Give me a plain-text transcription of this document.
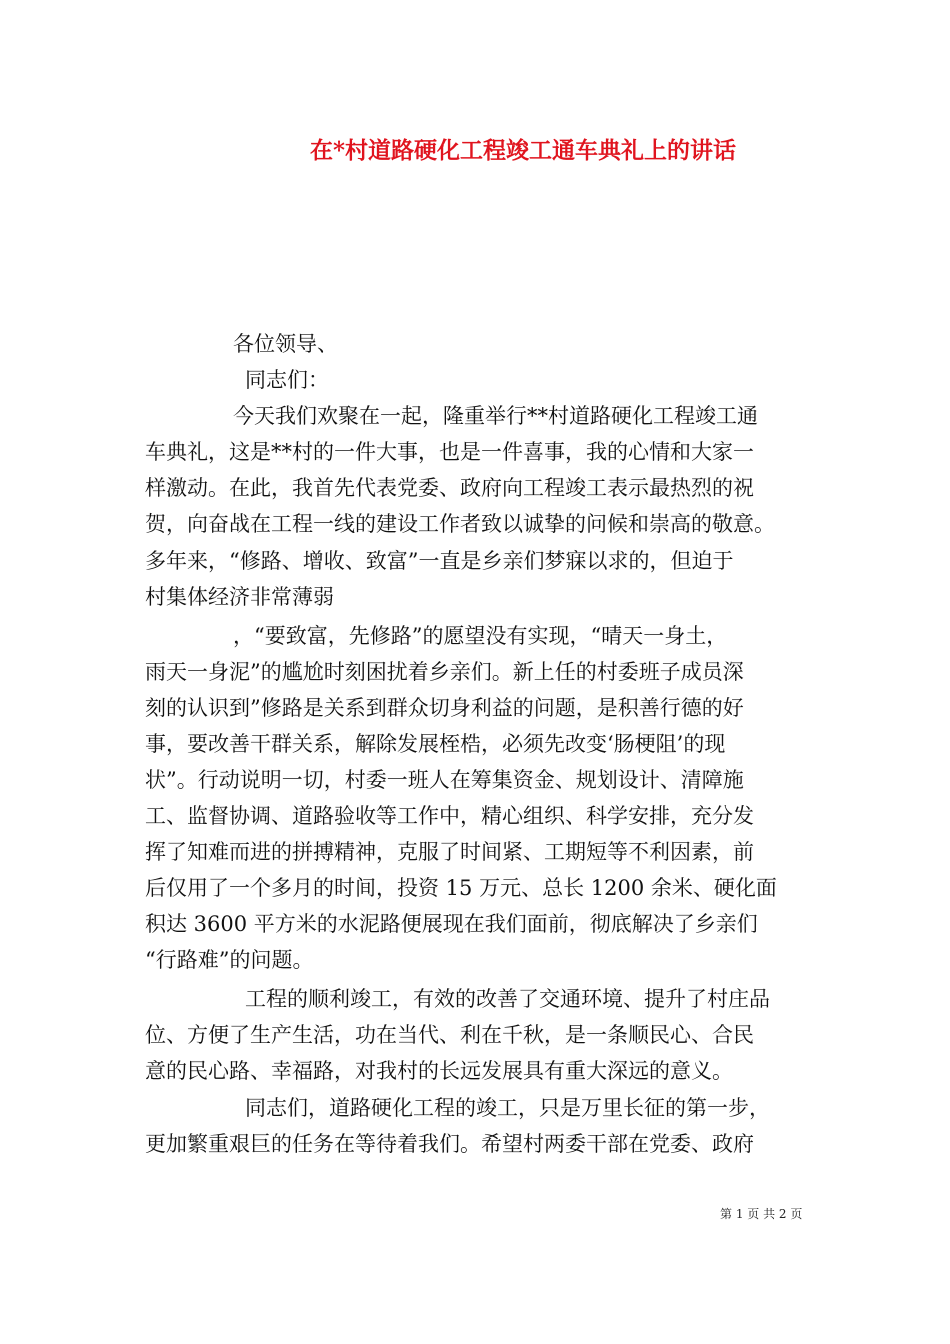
在*村道路硬化工程竣工通车典礼上的讲话
各位领导、
同志们：
今天我们欢聚在一起，隆重举行**村道路硬化工程竣工通
车典礼，这是**村的一件大事，也是一件喜事，我的心情和大家一
样激动。在此，我首先代表党委、政府向工程竣工表示最热烈的祝
贺，向奋战在工程一线的建设工作者致以诚挚的问候和崇高的敬意。
多年来，“修路、增收、致富”一直是乡亲们梦寐以求的，但迫于
村集体经济非常薄弱
，“要致富，先修路”的愿望没有实现，“晴天一身土，
雨天一身泥”的尴尬时刻困扰着乡亲们。新上任的村委班子成员深
刻的认识到”修路是关系到群众切身利益的问题，是积善行德的好
事，要改善干群关系，解除发展桎梏，必须先改变‘肠梗阻’的现
状”。行动说明一切，村委一班人在筹集资金、规划设计、清障施
工、监督协调、道路验收等工作中，精心组织、科学安排，充分发
挥了知难而进的拼搏精神，克服了时间紧、工期短等不利因素，前
后仅用了一个多月的时间，投资 15 万元、总长 1200 余米、硬化面
积达 3600 平方米的水泥路便展现在我们面前，彻底解决了乡亲们
“行路难”的问题。
工程的顺利竣工，有效的改善了交通环境、提升了村庄品
位、方便了生产生活，功在当代、利在千秋，是一条顺民心、合民
意的民心路、幸福路，对我村的长远发展具有重大深远的意义。
同志们，道路硬化工程的竣工，只是万里长征的第一步，
更加繁重艰巨的任务在等待着我们。希望村两委干部在党委、政府
第 1 页 共 2 页
